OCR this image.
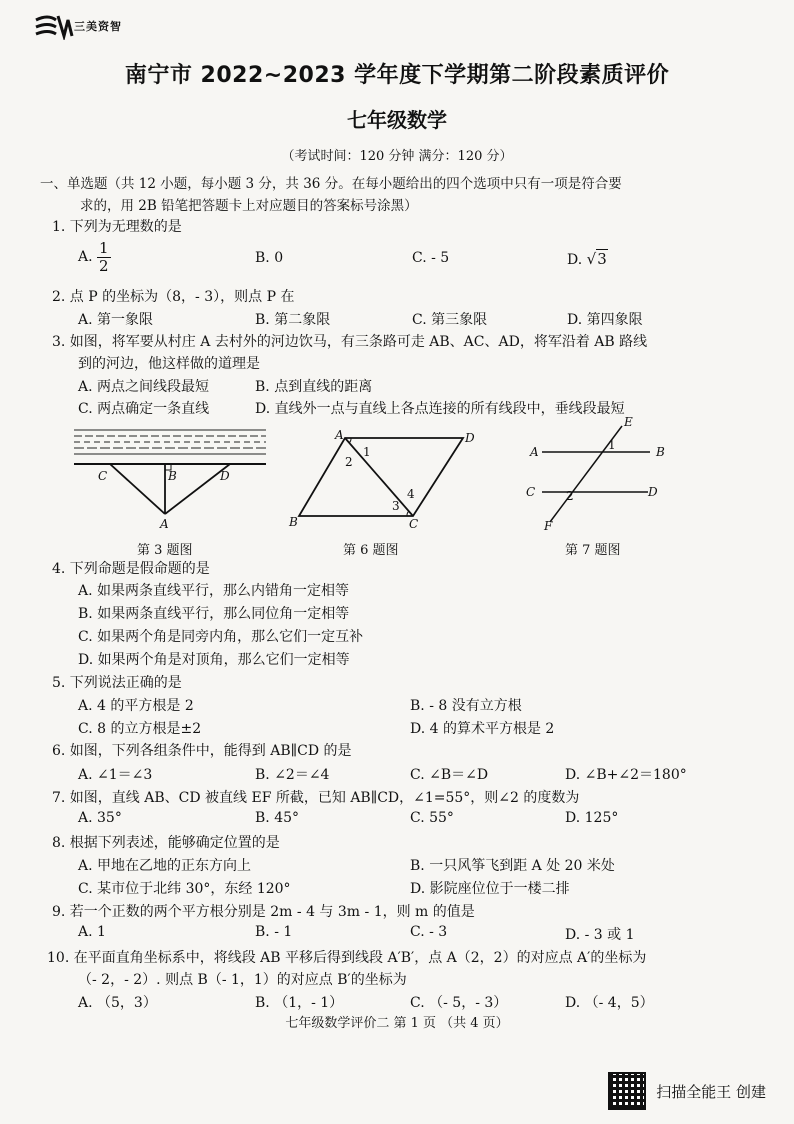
三美资智
南宁市 2022~2023 学年度下学期第二阶段素质评价
七年级数学
（考试时间：120 分钟 满分：120 分）
一、单选题（共 12 小题，每小题 3 分，共 36 分。在每小题给出的四个选项中只有一项是符合要
求的，用 2B 铅笔把答题卡上对应题目的答案标号涂黑）
1. 下列为无理数的是
A. $\frac{1}{2}$	B. 0	C. - 5	D. √3
2. 点 P 的坐标为（8，- 3），则点 P 在
A. 第一象限	B. 第二象限	C. 第三象限	D. 第四象限
3. 如图，将军要从村庄 A 去村外的河边饮马，有三条路可走 AB、AC、AD，将军沿着 AB 路线
到的河边，他这样做的道理是
A. 两点之间线段最短	B. 点到直线的距离
C. 两点确定一条直线	D. 直线外一点与直线上各点连接的所有线段中，垂线段最短
C	B	D
A
第 3 题图
A	D
B	C
1
2
3
4
第 6 题图
E
A	B
C	D
F
1
2
第 7 题图
4. 下列命题是假命题的是
A. 如果两条直线平行，那么内错角一定相等
B. 如果两条直线平行，那么同位角一定相等
C. 如果两个角是同旁内角，那么它们一定互补
D. 如果两个角是对顶角，那么它们一定相等
5. 下列说法正确的是
A. 4 的平方根是 2	B. - 8 没有立方根
C. 8 的立方根是±2	D. 4 的算术平方根是 2
6. 如图，下列各组条件中，能得到 AB∥CD 的是
A. ∠1＝∠3	B. ∠2＝∠4	C. ∠B＝∠D	D. ∠B+∠2＝180°
7. 如图，直线 AB、CD 被直线 EF 所截，已知 AB∥CD，∠1=55°，则∠2 的度数为
A. 35°	B. 45°	C. 55°	D. 125°
8. 根据下列表述，能够确定位置的是
A. 甲地在乙地的正东方向上	B. 一只风筝飞到距 A 处 20 米处
C. 某市位于北纬 30°，东经 120°	D. 影院座位位于一楼二排
9. 若一个正数的两个平方根分别是 2m - 4 与 3m - 1，则 m 的值是
A. 1	B. - 1	C. - 3	D. - 3 或 1
10. 在平面直角坐标系中，将线段 AB 平移后得到线段 A′B′，点 A（2，2）的对应点 A′的坐标为
（- 2，- 2）. 则点 B（- 1，1）的对应点 B′的坐标为
A. （5，3）	B. （1，- 1）	C. （- 5，- 3）	D. （- 4，5）
七年级数学评价二 第 1 页 （共 4 页）
扫描全能王 创建
